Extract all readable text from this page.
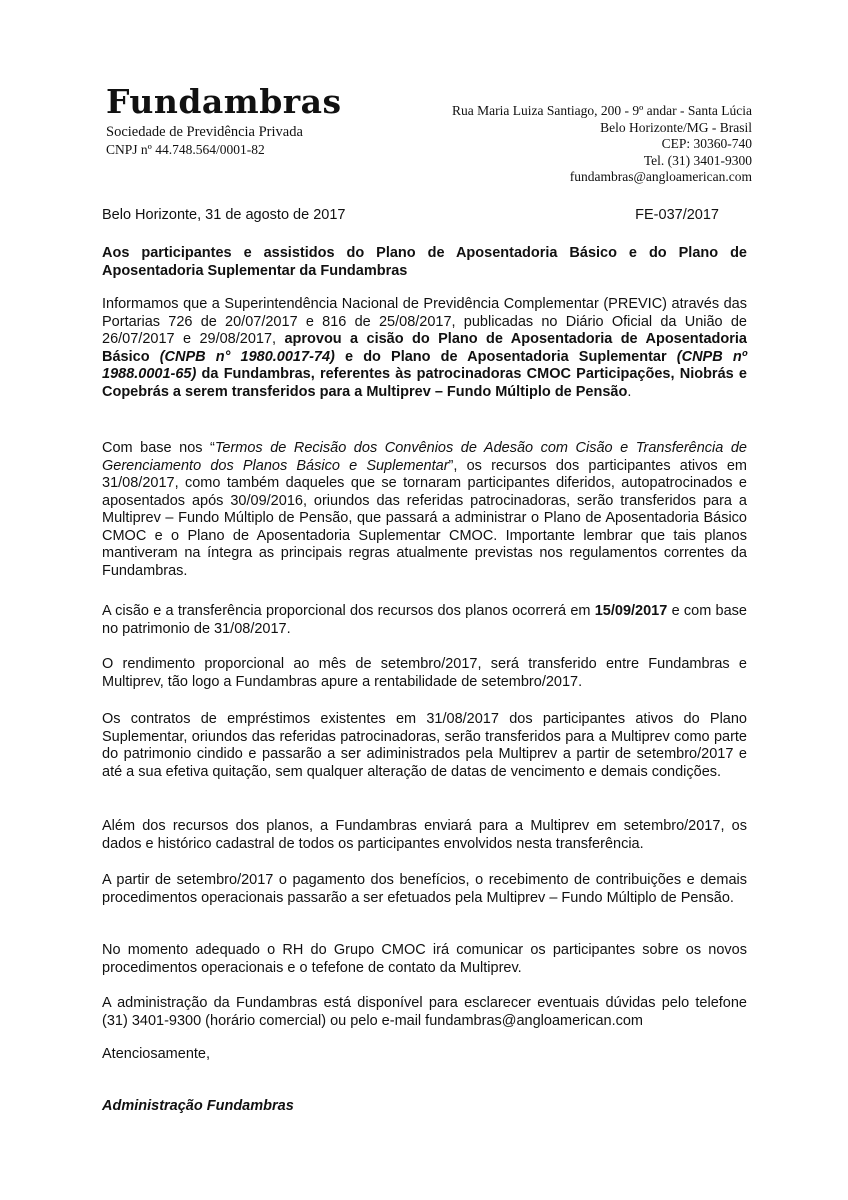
Fundambras
Sociedade de Previdência Privada
CNPJ nº 44.748.564/0001-82
Rua Maria Luiza Santiago, 200 - 9º andar - Santa Lúcia
Belo Horizonte/MG - Brasil
CEP: 30360-740
Tel. (31) 3401-9300
fundambras@angloamerican.com
Belo Horizonte, 31 de agosto de 2017	FE-037/2017

Aos participantes e assistidos do Plano de Aposentadoria Básico e do Plano de Aposentadoria Suplementar da Fundambras

Informamos que a Superintendência Nacional de Previdência Complementar (PREVIC) através das Portarias 726 de 20/07/2017 e 816 de 25/08/2017, publicadas no Diário Oficial da União de 26/07/2017 e 29/08/2017, aprovou a cisão do Plano de Aposentadoria de Aposentadoria Básico (CNPB n° 1980.0017-74) e do Plano de Aposentadoria Suplementar (CNPB nº 1988.0001-65) da Fundambras, referentes às patrocinadoras CMOC Participações, Niobrás e Copebrás a serem transferidos para a Multiprev – Fundo Múltiplo de Pensão.

Com base nos “Termos de Recisão dos Convênios de Adesão com Cisão e Transferência de Gerenciamento dos Planos Básico e Suplementar”, os recursos dos participantes ativos em 31/08/2017, como também daqueles que se tornaram participantes diferidos, autopatrocinados e aposentados após 30/09/2016, oriundos das referidas patrocinadoras, serão transferidos para a Multiprev – Fundo Múltiplo de Pensão, que passará a administrar o Plano de Aposentadoria Básico CMOC e o Plano de Aposentadoria Suplementar CMOC. Importante lembrar que tais planos mantiveram na íntegra as principais regras atualmente previstas nos regulamentos correntes da Fundambras.

A cisão e a transferência proporcional dos recursos dos planos ocorrerá em 15/09/2017 e com base no patrimonio de 31/08/2017.

O rendimento proporcional ao mês de setembro/2017, será transferido entre Fundambras e Multiprev, tão logo a Fundambras apure a rentabilidade de setembro/2017.

Os contratos de empréstimos existentes em 31/08/2017 dos participantes ativos do Plano Suplementar, oriundos das referidas patrocinadoras, serão transferidos para a Multiprev como parte do patrimonio cindido e passarão a ser adiministrados pela Multiprev a partir de setembro/2017 e até a sua efetiva quitação, sem qualquer alteração de datas de vencimento e demais condições.

Além dos recursos dos planos, a Fundambras enviará para a Multiprev em setembro/2017, os dados e histórico cadastral de todos os participantes envolvidos nesta transferência.

A partir de setembro/2017 o pagamento dos benefícios, o recebimento de contribuições e demais procedimentos operacionais passarão a ser efetuados pela Multiprev – Fundo Múltiplo de Pensão.

No momento adequado o RH do Grupo CMOC irá comunicar os participantes sobre os novos procedimentos operacionais e o tefefone de contato da Multiprev.

A administração da Fundambras está disponível para esclarecer eventuais dúvidas pelo telefone (31) 3401-9300 (horário comercial) ou pelo e-mail fundambras@angloamerican.com

Atenciosamente,

Administração Fundambras
